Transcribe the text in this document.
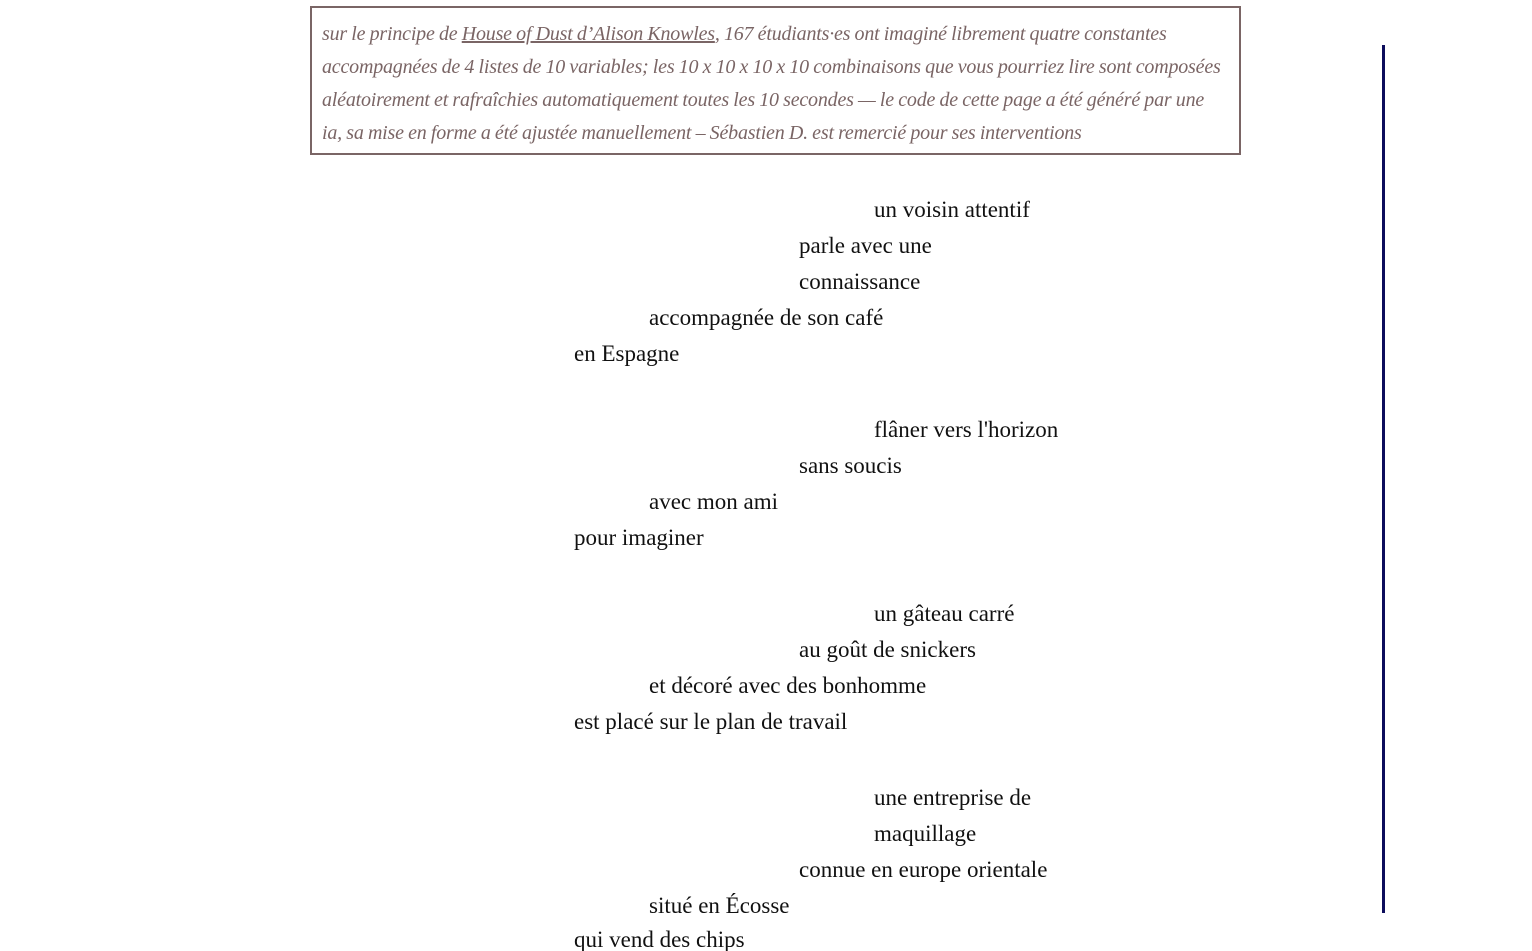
sur le principe de House of Dust d’Alison Knowles, 167 étudiants·es ont imaginé librement quatre constantes
accompagnées de 4 listes de 10 variables; les 10 x 10 x 10 x 10 combinaisons que vous pourriez lire sont composées
aléatoirement et rafraîchies automatiquement toutes les 10 secondes — le code de cette page a été généré par une
ia, sa mise en forme a été ajustée manuellement – Sébastien D. est remercié pour ses interventions
un voisin attentif
parle avec une
connaissance
accompagnée de son café
en Espagne
flâner vers l'horizon
sans soucis
avec mon ami
pour imaginer
un gâteau carré
au goût de snickers
et décoré avec des bonhomme
est placé sur le plan de travail
une entreprise de
maquillage
connue en europe orientale
situé en Écosse
qui vend des chips
